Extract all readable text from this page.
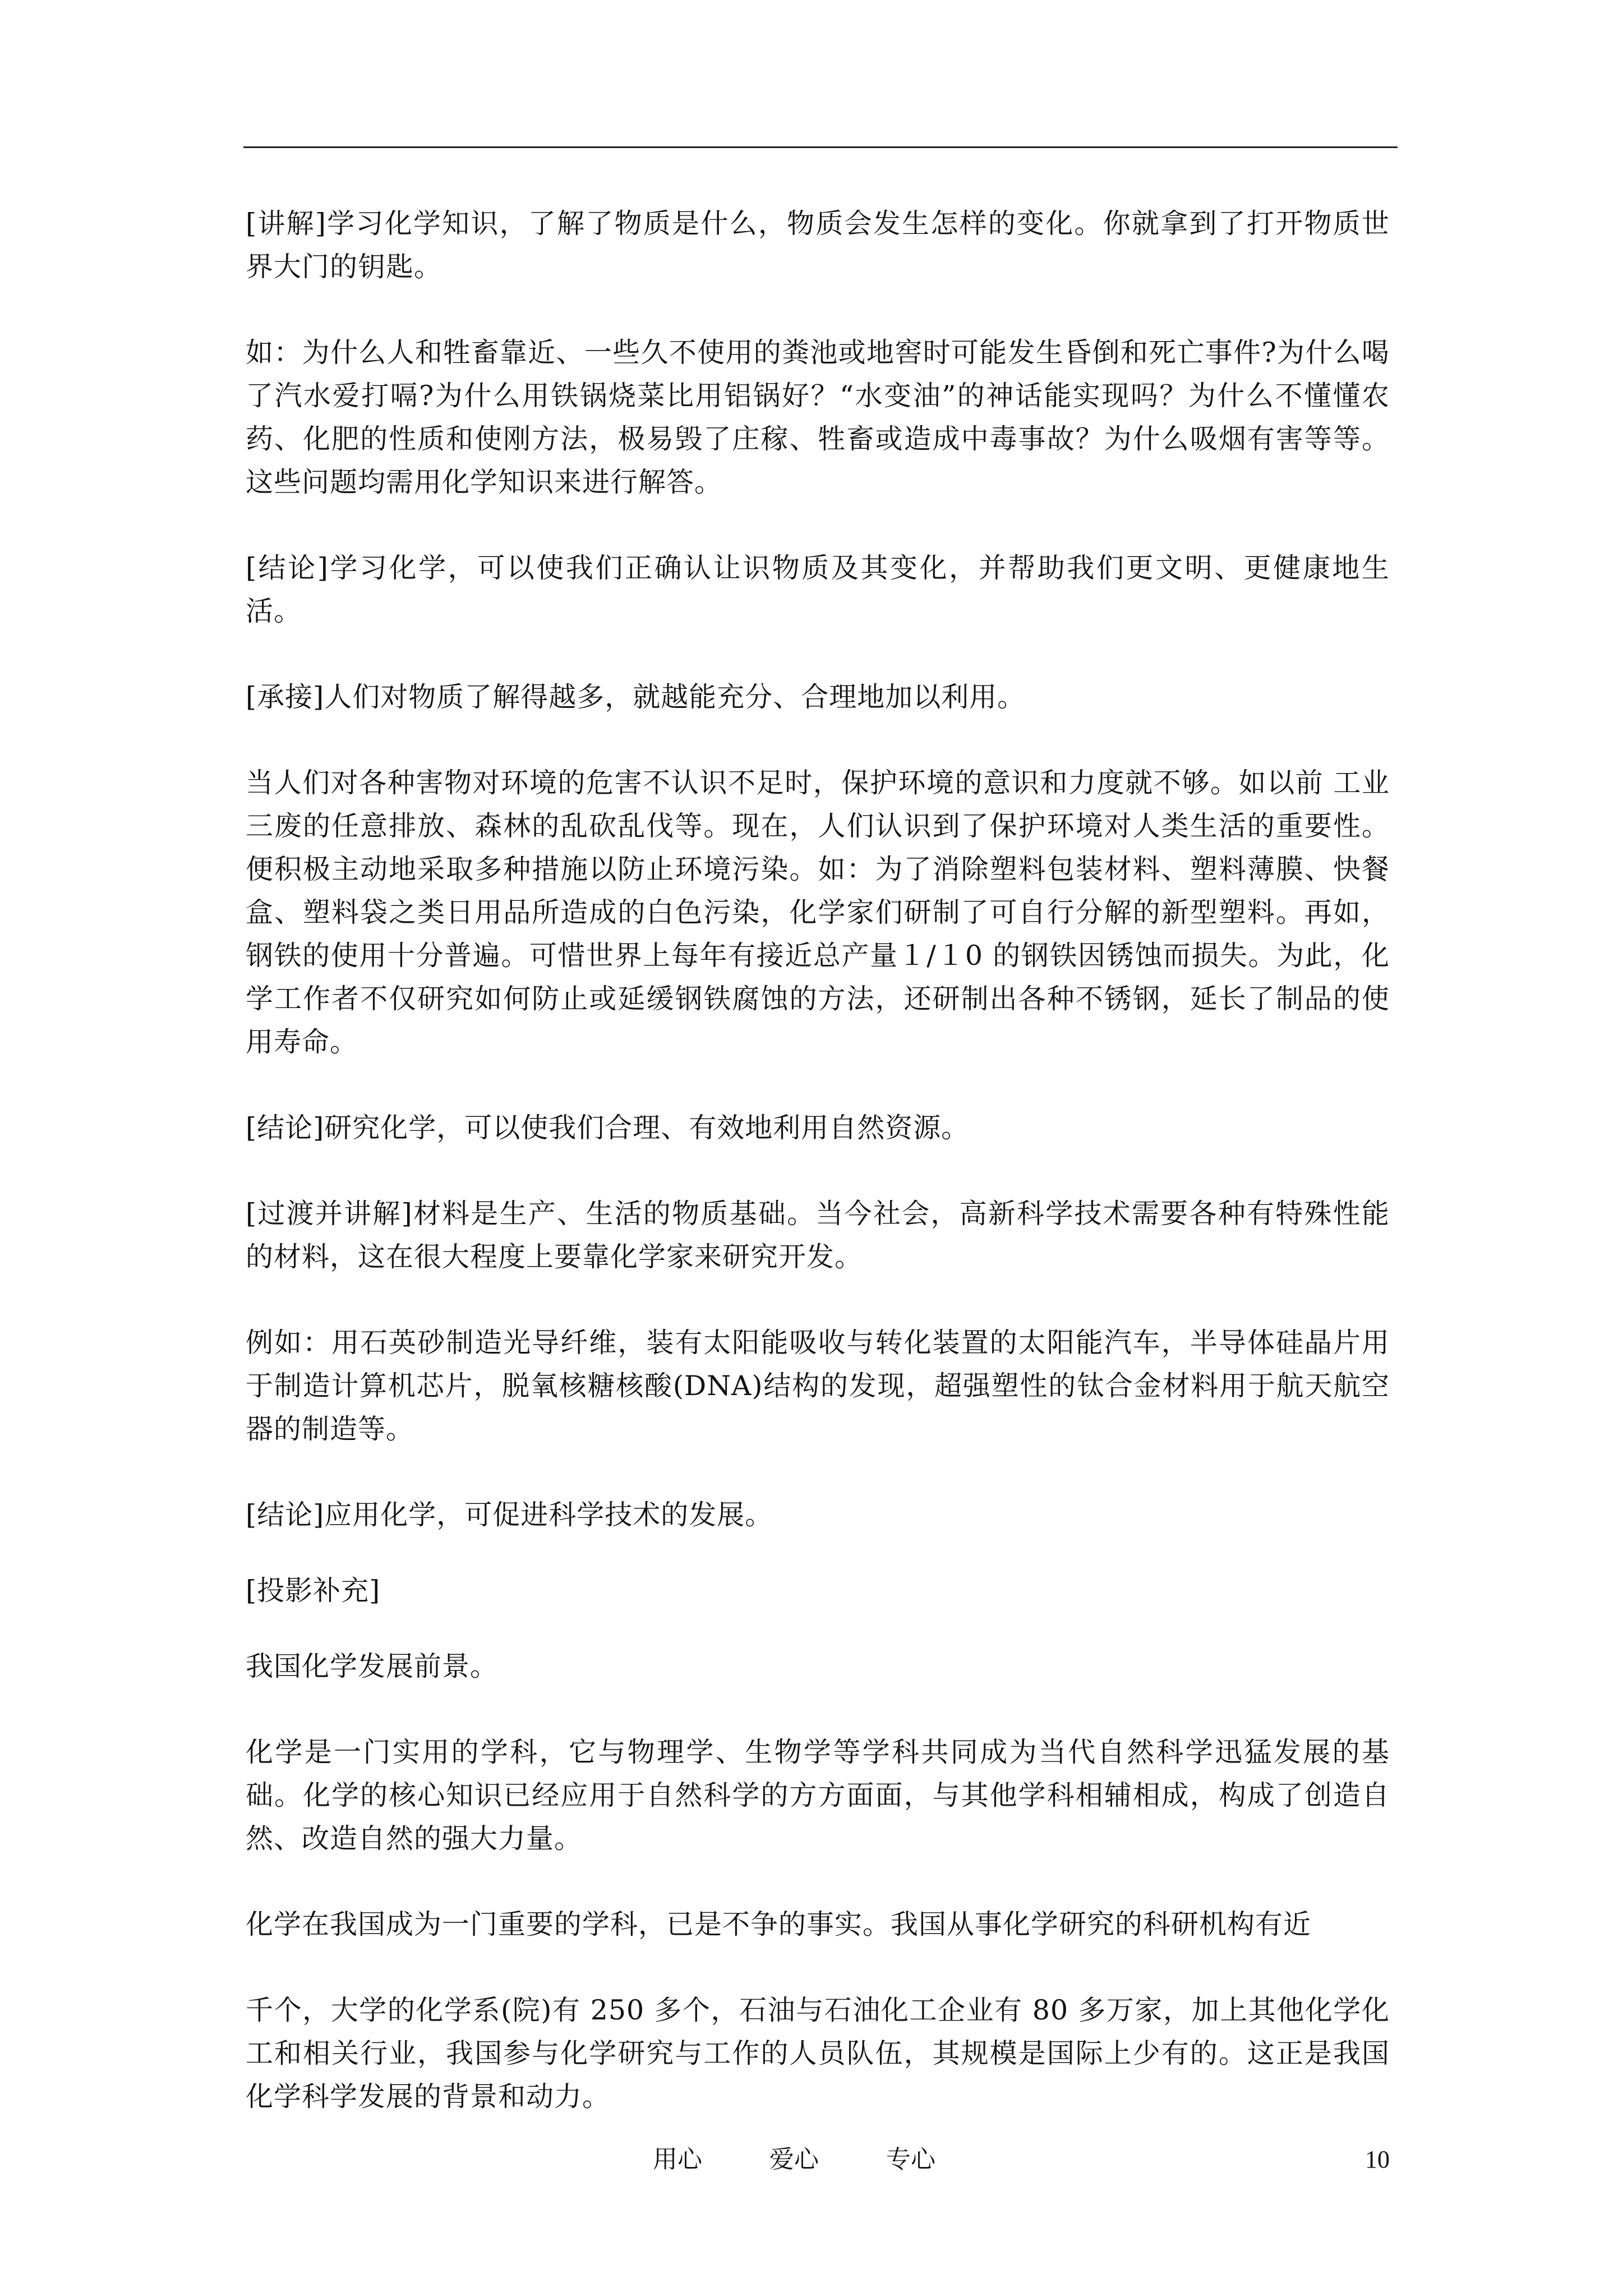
[讲解]学习化学知识，了解了物质是什么，物质会发生怎样的变化。你就拿到了打开物质世界大门的钥匙。

如：为什么人和牲畜靠近、一些久不使用的粪池或地窖时可能发生昏倒和死亡事件?为什么喝了汽水爱打嗝?为什么用铁锅烧菜比用铝锅好？“水变油”的神话能实现吗？为什么不懂懂农药、化肥的性质和使刚方法，极易毁了庄稼、牲畜或造成中毒事故？为什么吸烟有害等等。这些问题均需用化学知识来进行解答。

[结论]学习化学，可以使我们正确认让识物质及其变化，并帮助我们更文明、更健康地生活。

[承接]人们对物质了解得越多，就越能充分、合理地加以利用。

当人们对各种害物对环境的危害不认识不足时，保护环境的意识和力度就不够。如以前 工业三废的任意排放、森林的乱砍乱伐等。现在，人们认识到了保护环境对人类生活的重要性。便积极主动地采取多种措施以防止环境污染。如：为了消除塑料包装材料、塑料薄膜、快餐盒、塑料袋之类日用品所造成的白色污染，化学家们研制了可自行分解的新型塑料。再如，钢铁的使用十分普遍。可惜世界上每年有接近总产量１/１0 的钢铁因锈蚀而损失。为此，化学工作者不仅研究如何防止或延缓钢铁腐蚀的方法，还研制出各种不锈钢，延长了制品的使用寿命。

[结论]研究化学，可以使我们合理、有效地利用自然资源。

[过渡并讲解]材料是生产、生活的物质基础。当今社会，高新科学技术需要各种有特殊性能的材料，这在很大程度上要靠化学家来研究开发。

例如：用石英砂制造光导纤维，装有太阳能吸收与转化装置的太阳能汽车，半导体硅晶片用于制造计算机芯片，脱氧核糖核酸(DNA)结构的发现，超强塑性的钛合金材料用于航天航空器的制造等。

[结论]应用化学，可促进科学技术的发展。

[投影补充]

我国化学发展前景。

化学是一门实用的学科，它与物理学、生物学等学科共同成为当代自然科学迅猛发展的基础。化学的核心知识已经应用于自然科学的方方面面，与其他学科相辅相成，构成了创造自然、改造自然的强大力量。

化学在我国成为一门重要的学科，已是不争的事实。我国从事化学研究的科研机构有近

千个，大学的化学系(院)有 250 多个，石油与石油化工企业有 80 多万家，加上其他化学化工和相关行业，我国参与化学研究与工作的人员队伍，其规模是国际上少有的。这正是我国化学科学发展的背景和动力。

用心	爱心	专心	10
